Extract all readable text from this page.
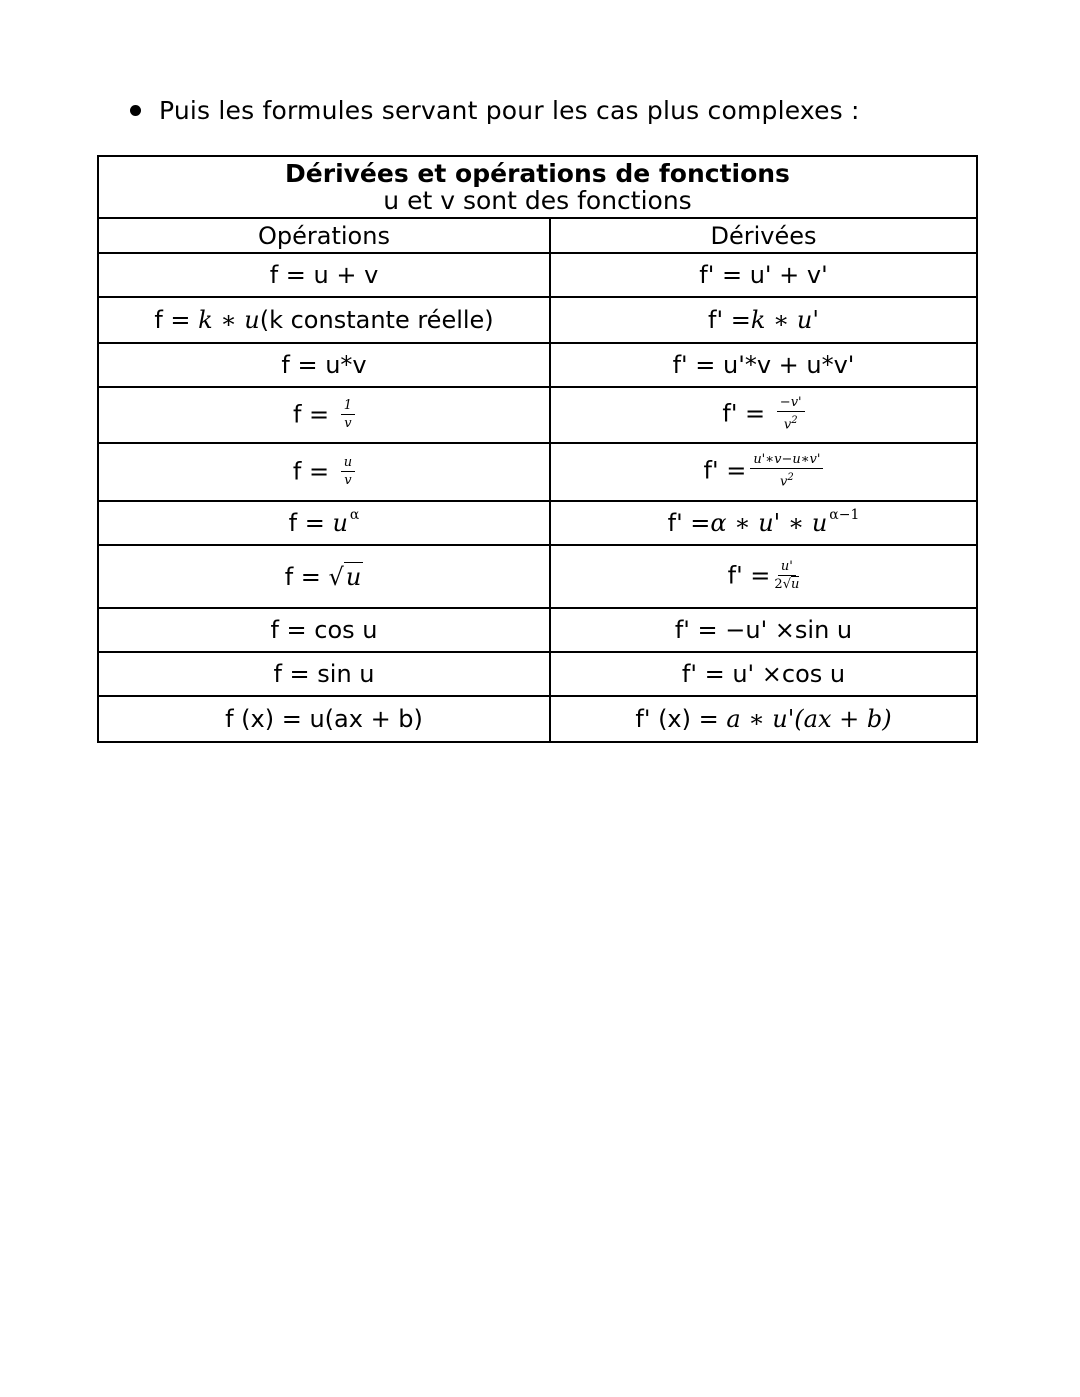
Puis les formules servant pour les cas plus complexes :
Dérivées et opérations de fonctions
u et v sont des fonctions	

Opérations	Dérivées
f = u + v	f' = u' + v'
f = k ∗ u(k constante réelle)	f' =k ∗ u'
f = u*v	f' = u'*v + u*v'
$f = \frac{1}{v}$	$f' = \frac{-v'}{v^2}$

$f = \frac{u}{v}$	$f' = \frac{u'∗v-u∗v'}{v^2}$

f = u $^\alpha$	f' =α ∗ u' ∗ u $^{\alpha-1}$
f = √u	$f' = \frac{u'}{2√u}$

f = cos u	f' = −u' ×sin u
f = sin u	f' = u' ×cos u
f (x) = u(ax + b)	f' (x) = a ∗ u'(ax + b)
